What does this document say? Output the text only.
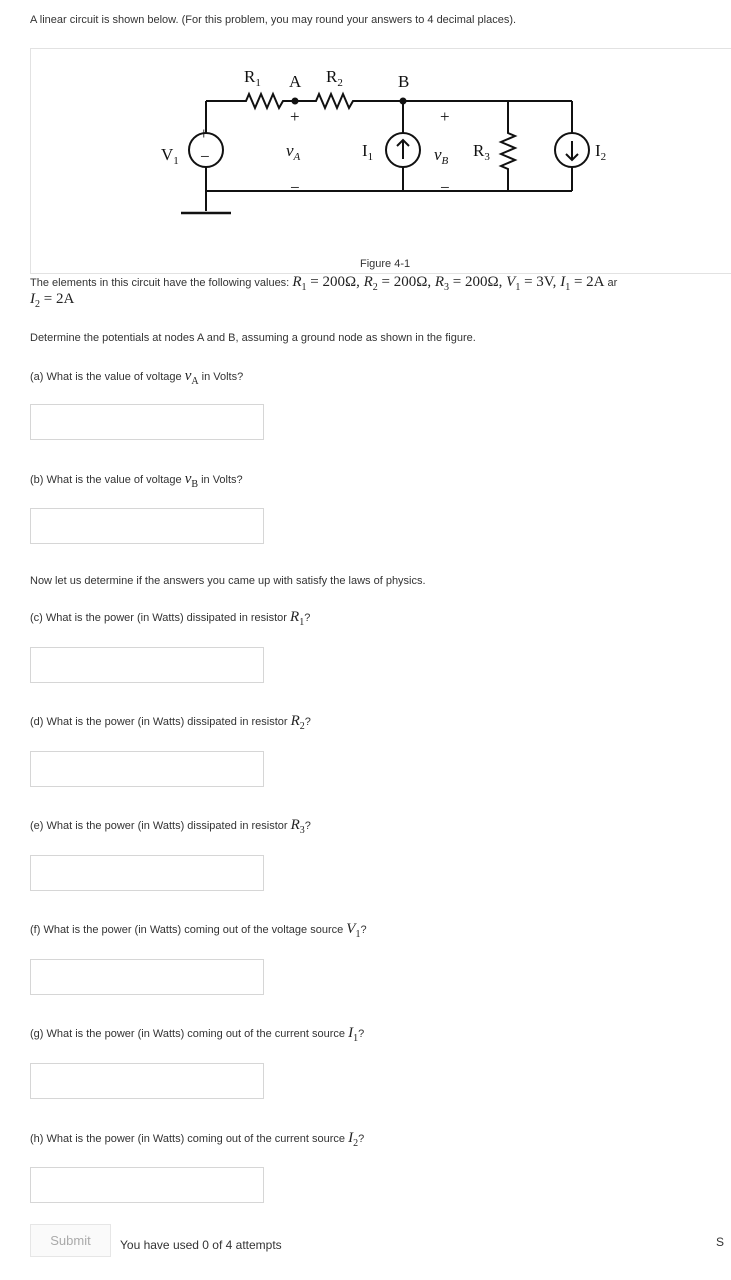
A linear circuit is shown below. (For this problem, you may round your answers to 4 decimal places).
$R_1$ A $R_2$	B
$V_1$
$I_1$	$R_3$	$I_2$
$v_A$	$v_B$
+
−
+
−
+
−
Figure 4-1
The elements in this circuit have the following values: $R_1 = 200\Omega$, $R_2 = 200\Omega$, $R_3 = 200\Omega$, $V_1 = 3V$, $I_1 = 2A$ ar
$I_2 = 2A$
Determine the potentials at nodes A and B, assuming a ground node as shown in the figure.
(a) What is the value of voltage $v_A$ in Volts?
(b) What is the value of voltage $v_B$ in Volts?
Now let us determine if the answers you came up with satisfy the laws of physics.
(c) What is the power (in Watts) dissipated in resistor $R_1$?
(d) What is the power (in Watts) dissipated in resistor $R_2$?
(e) What is the power (in Watts) dissipated in resistor $R_3$?
(f) What is the power (in Watts) coming out of the voltage source $V_1$?
(g) What is the power (in Watts) coming out of the current source $I_1$?
(h) What is the power (in Watts) coming out of the current source $I_2$?
Submit	You have used 0 of 4 attempts	S
